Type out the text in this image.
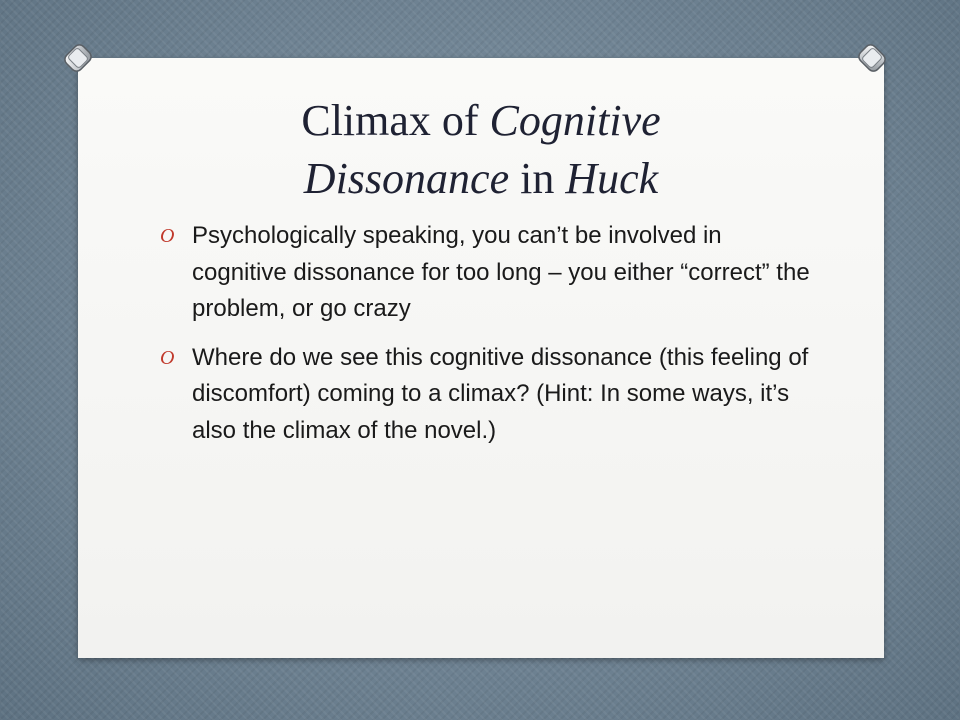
Climax of Cognitive
Dissonance in Huck
O Psychologically speaking, you can’t be involved in cognitive dissonance for too long – you either “correct” the problem, or go crazy
O Where do we see this cognitive dissonance (this feeling of discomfort) coming to a climax? (Hint: In some ways, it’s also the climax of the novel.)
